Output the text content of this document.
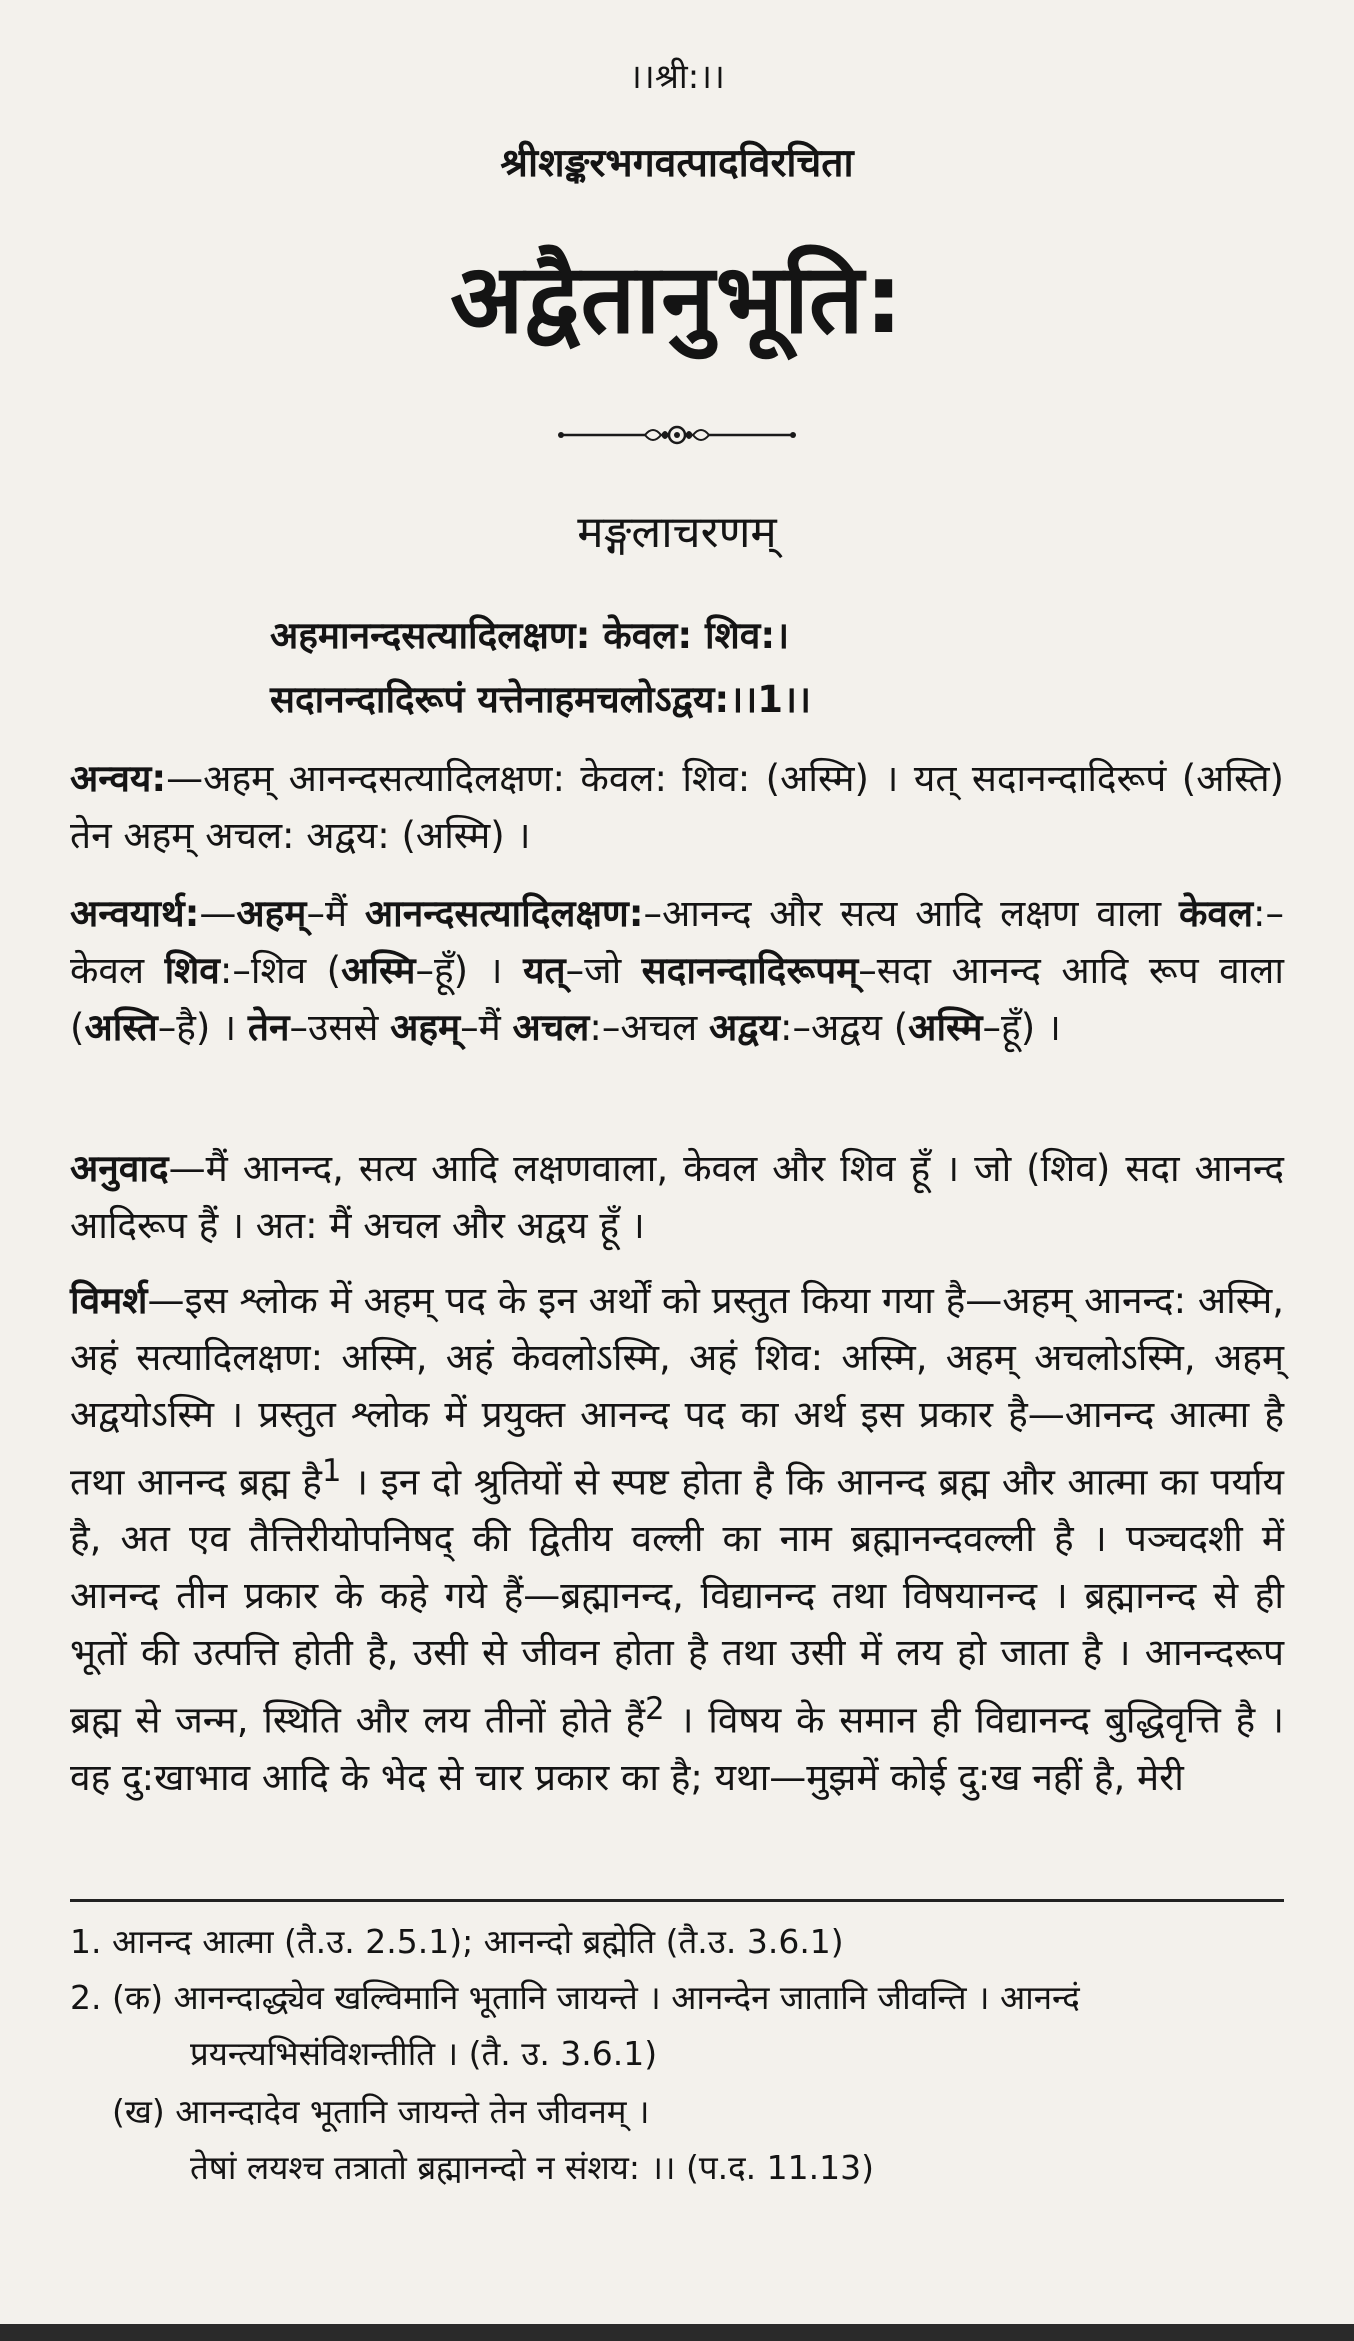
।।श्री:।।
श्रीशङ्करभगवत्पादविरचिता
अद्वैतानुभूति:
मङ्गलाचरणम्
अहमानन्दसत्यादिलक्षण: केवल: शिव:।
सदानन्दादिरूपं यत्तेनाहमचलोऽद्वय:।।1।।
अन्वय:—अहम् आनन्दसत्यादिलक्षण: केवल: शिव: (अस्मि) । यत् सदानन्दादिरूपं (अस्ति) तेन अहम् अचल: अद्वय: (अस्मि) ।
अन्वयार्थ:—अहम्–मैं आनन्दसत्यादिलक्षण:–आनन्द और सत्य आदि लक्षण वाला केवल:–केवल शिव:–शिव (अस्मि–हूँ) । यत्–जो सदानन्दादिरूपम्–सदा आनन्द आदि रूप वाला (अस्ति–है) । तेन–उससे अहम्–मैं अचल:–अचल अद्वय:–अद्वय (अस्मि–हूँ) ।
अनुवाद—मैं आनन्द, सत्य आदि लक्षणवाला, केवल और शिव हूँ । जो (शिव) सदा आनन्द आदिरूप हैं । अत: मैं अचल और अद्वय हूँ ।
विमर्श—इस श्लोक में अहम् पद के इन अर्थों को प्रस्तुत किया गया है—अहम् आनन्द: अस्मि, अहं सत्यादिलक्षण: अस्मि, अहं केवलोऽस्मि, अहं शिव: अस्मि, अहम् अचलोऽस्मि, अहम् अद्वयोऽस्मि । प्रस्तुत श्लोक में प्रयुक्त आनन्द पद का अर्थ इस प्रकार है—आनन्द आत्मा है तथा आनन्द ब्रह्म है$^1$ । इन दो श्रुतियों से स्पष्ट होता है कि आनन्द ब्रह्म और आत्मा का पर्याय है, अत एव तैत्तिरीयोपनिषद् की द्वितीय वल्ली का नाम ब्रह्मानन्दवल्ली है । पञ्चदशी में आनन्द तीन प्रकार के कहे गये हैं—ब्रह्मानन्द, विद्यानन्द तथा विषयानन्द । ब्रह्मानन्द से ही भूतों की उत्पत्ति होती है, उसी से जीवन होता है तथा उसी में लय हो जाता है । आनन्दरूप ब्रह्म से जन्म, स्थिति और लय तीनों होते हैं$^2$ । विषय के समान ही विद्यानन्द बुद्धिवृत्ति है । वह दु:खाभाव आदि के भेद से चार प्रकार का है; यथा—मुझमें कोई दु:ख नहीं है, मेरी
1. आनन्द आत्मा (तै.उ. 2.5.1); आनन्दो ब्रह्मेति (तै.उ. 3.6.1)
2. (क) आनन्दाद्ध्येव खल्विमानि भूतानि जायन्ते । आनन्देन जातानि जीवन्ति । आनन्दं
प्रयन्त्यभिसंविशन्तीति । (तै. उ. 3.6.1)
(ख) आनन्दादेव भूतानि जायन्ते तेन जीवनम् ।
तेषां लयश्च तत्रातो ब्रह्मानन्दो न संशय: ।। (प.द. 11.13)
